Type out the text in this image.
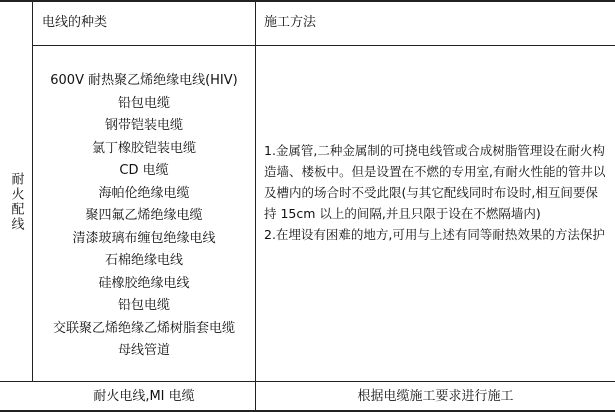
电线的种类	施工方法
耐火配线
600V 耐热聚乙烯绝缘电线(HIV)
铅包电缆
钢带铠装电缆
氯丁橡胶铠装电缆
CD 电缆
海帕伦绝缘电缆
聚四氟乙烯绝缘电缆
清漆玻璃布缠包绝缘电线
石棉绝缘电线
硅橡胶绝缘电线
铅包电缆
交联聚乙烯绝缘乙烯树脂套电缆
母线管道

1.金属管,二种金属制的可挠电线管或合成树脂管理设在耐火构造墙、楼板中。但是设置在不燃的专用室,有耐火性能的管井以及槽内的场合时不受此限(与其它配线同时布设时,相互间要保持 15cm 以上的间隔,并且只限于设在不燃隔墙内)

2.在埋设有困难的地方,可用与上述有同等耐热效果的方法保护

耐火电线,MI 电缆	根据电缆施工要求进行施工
